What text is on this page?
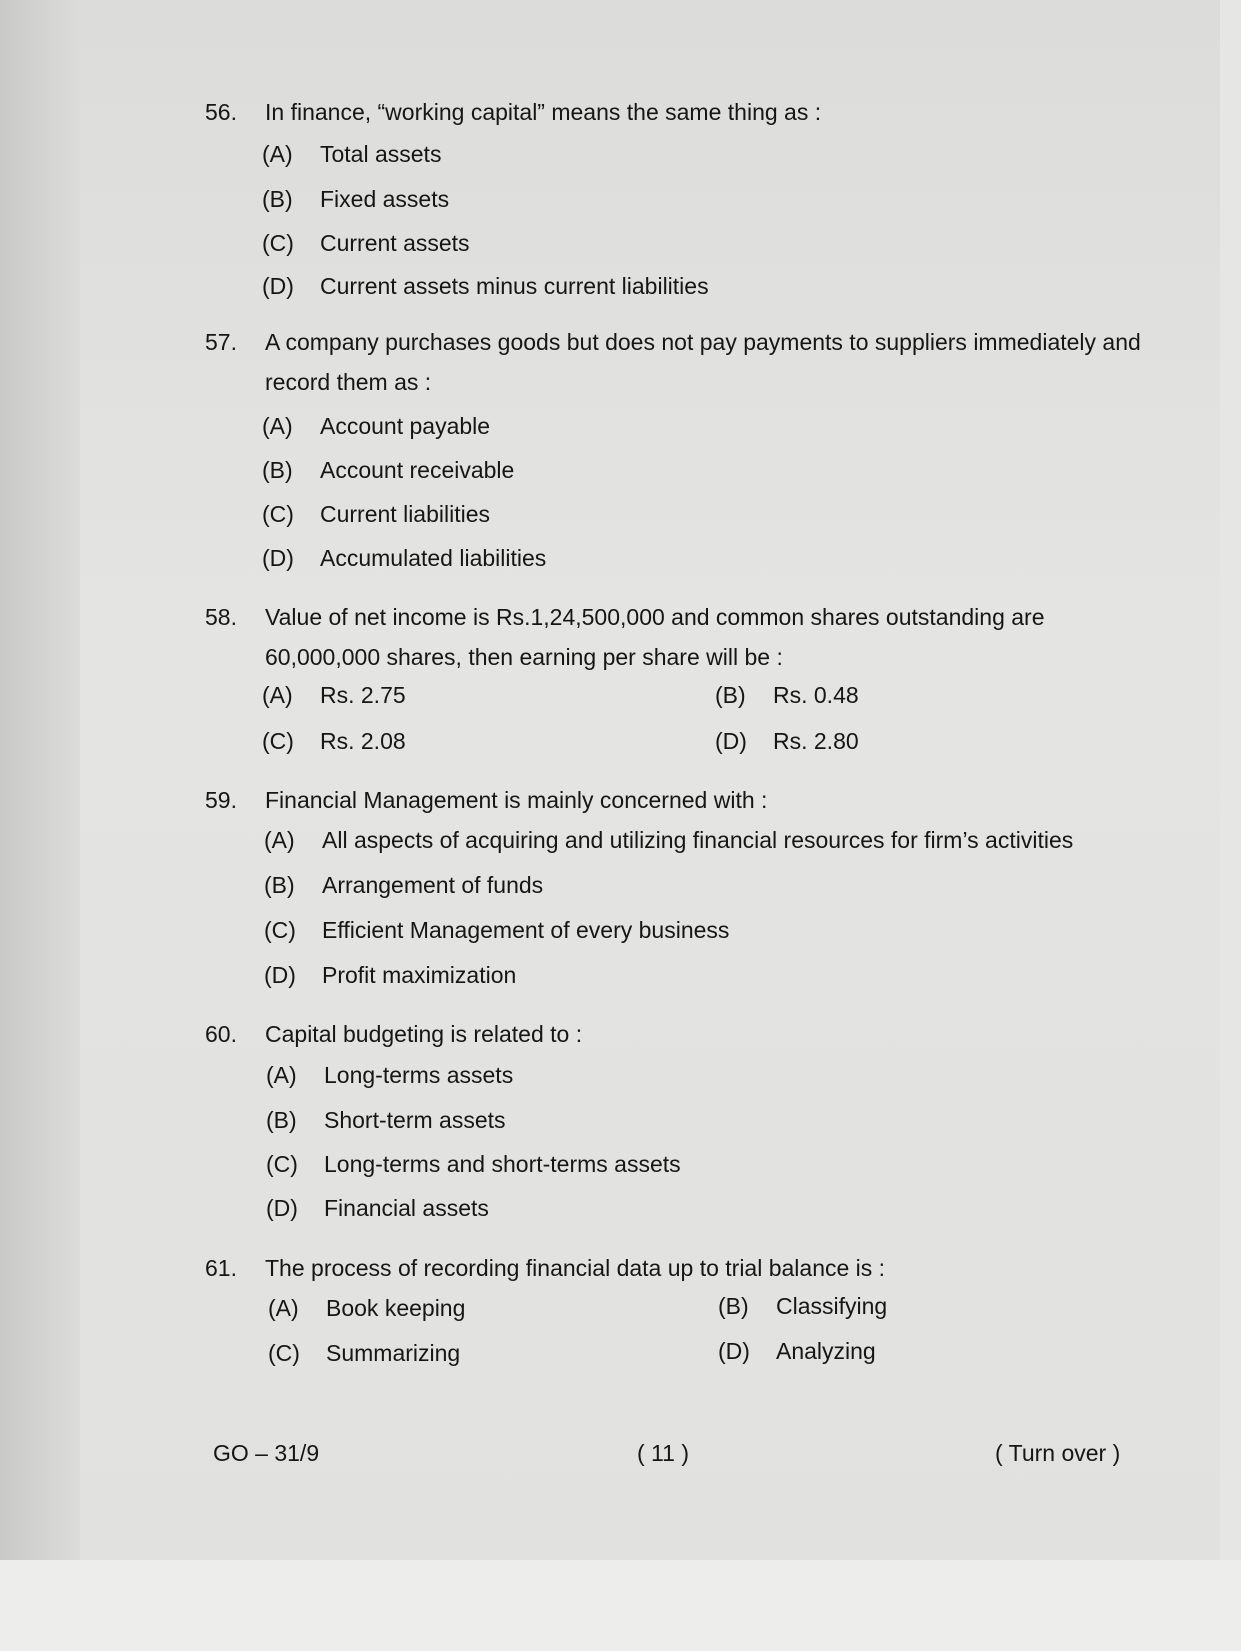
56. In finance, “working capital” means the same thing as :
(A) Total assets
(B) Fixed assets
(C) Current assets
(D) Current assets minus current liabilities
57. A company purchases goods but does not pay payments to suppliers immediately and record them as :
(A) Account payable
(B) Account receivable
(C) Current liabilities
(D) Accumulated liabilities
58. Value of net income is Rs.1,24,500,000 and common shares outstanding are 60,000,000 shares, then earning per share will be :
(A) Rs. 2.75	(B) Rs. 0.48
(C) Rs. 2.08	(D) Rs. 2.80
59. Financial Management is mainly concerned with :
(A) All aspects of acquiring and utilizing financial resources for firm’s activities
(B) Arrangement of funds
(C) Efficient Management of every business
(D) Profit maximization
60. Capital budgeting is related to :
(A) Long-terms assets
(B) Short-term assets
(C) Long-terms and short-terms assets
(D) Financial assets
61. The process of recording financial data up to trial balance is :
(A) Book keeping	(B) Classifying
(C) Summarizing	(D) Analyzing
GO – 31/9	( 11 )	( Turn over )
